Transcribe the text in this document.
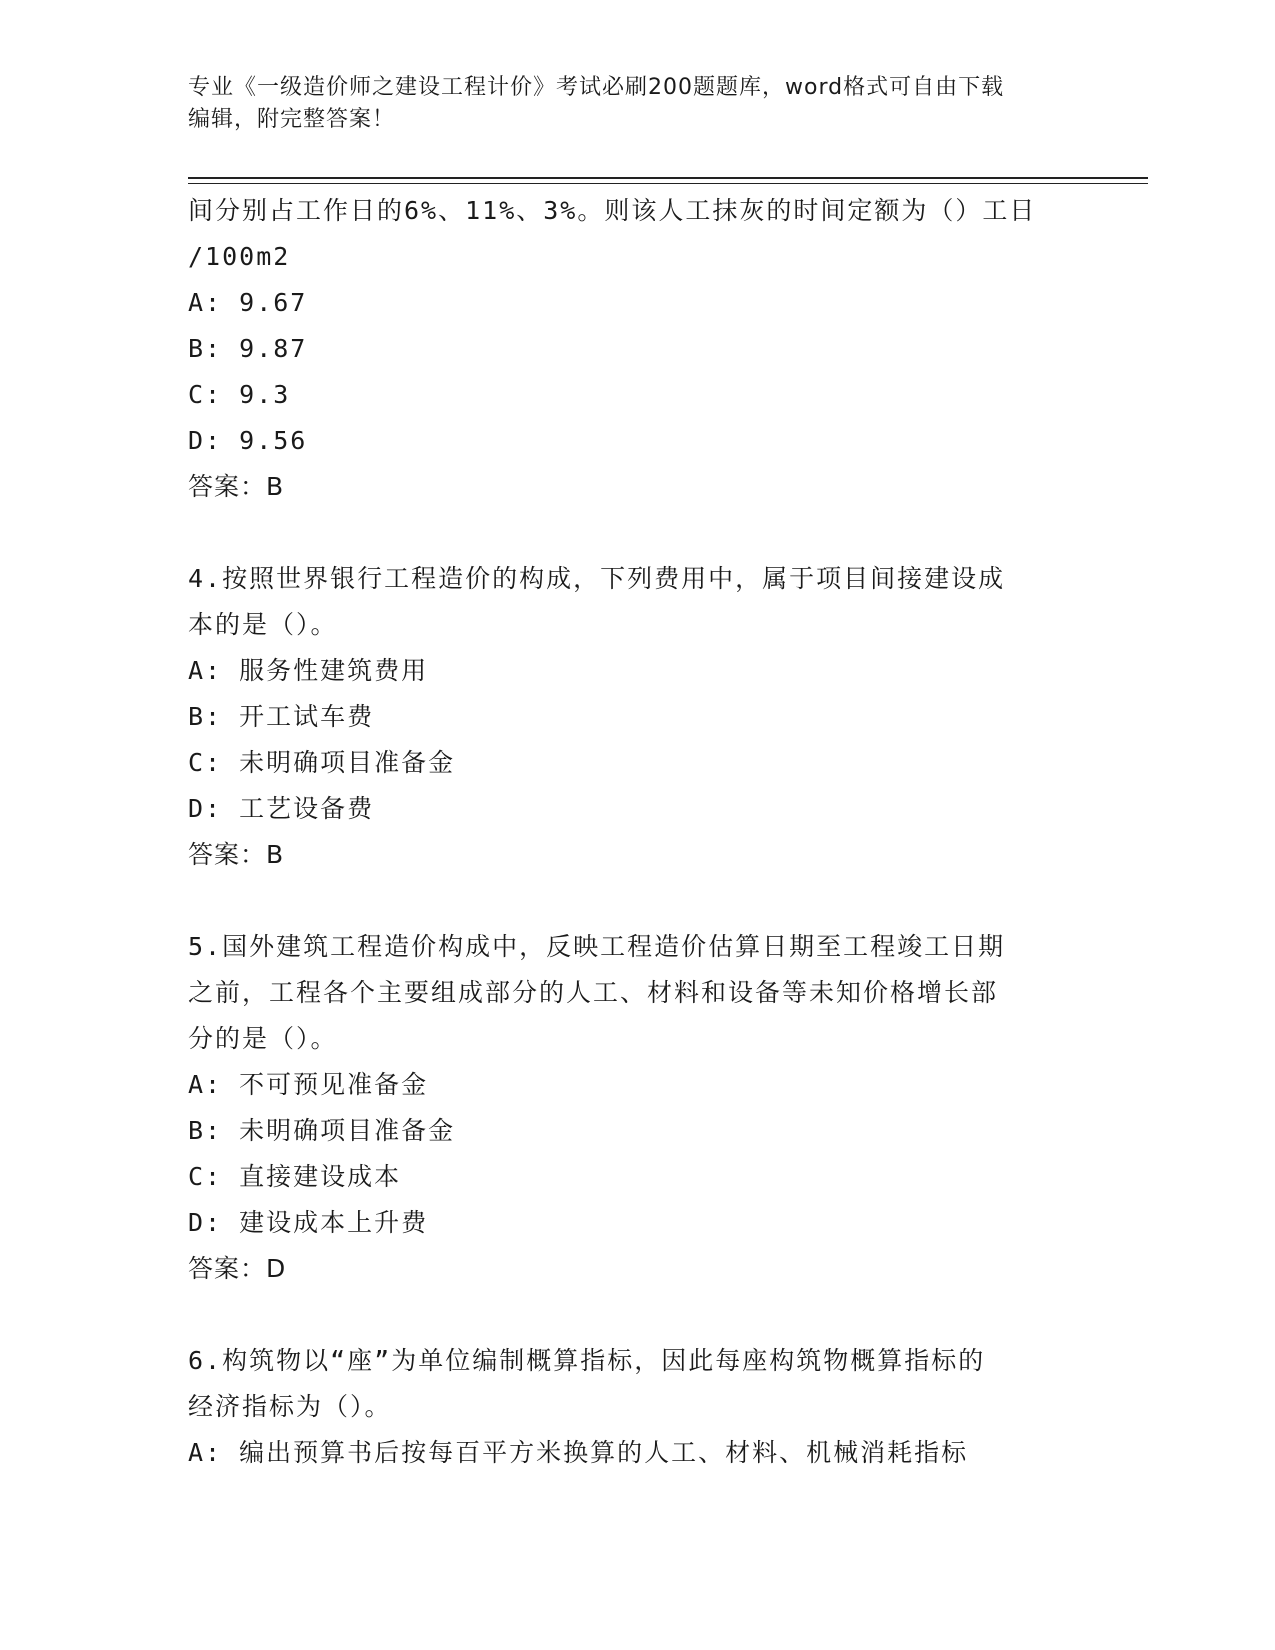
专业《一级造价师之建设工程计价》考试必刷200题题库，word格式可自由下载
编辑，附完整答案！
间分别占工作日的6%、11%、3%。则该人工抹灰的时间定额为（）工日
/100m2
A: 9.67
B: 9.87
C: 9.3
D: 9.56
答案：B
4.按照世界银行工程造价的构成，下列费用中，属于项目间接建设成
本的是（）。
A: 服务性建筑费用
B: 开工试车费
C: 未明确项目准备金
D: 工艺设备费
答案：B
5.国外建筑工程造价构成中，反映工程造价估算日期至工程竣工日期
之前，工程各个主要组成部分的人工、材料和设备等未知价格增长部
分的是（）。
A: 不可预见准备金
B: 未明确项目准备金
C: 直接建设成本
D: 建设成本上升费
答案：D
6.构筑物以“座”为单位编制概算指标，因此每座构筑物概算指标的
经济指标为（）。
A: 编出预算书后按每百平方米换算的人工、材料、机械消耗指标
